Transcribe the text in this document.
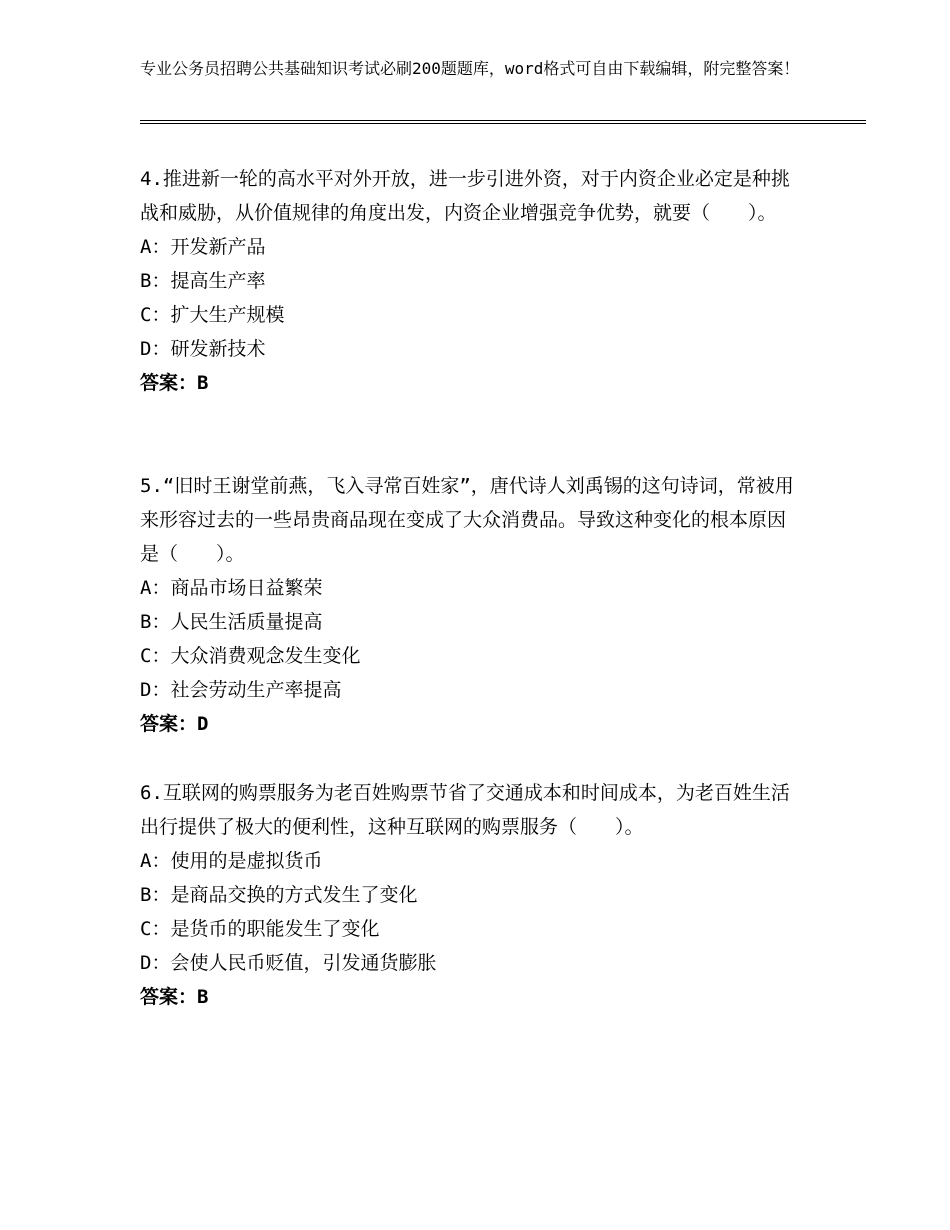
专业公务员招聘公共基础知识考试必刷200题题库，word格式可自由下载编辑，附完整答案！

4.推进新一轮的高水平对外开放，进一步引进外资，对于内资企业必定是种挑战和威胁，从价值规律的角度出发，内资企业增强竞争优势，就要（　　）。

A：开发新产品

B：提高生产率

C：扩大生产规模

D：研发新技术

答案：B

5.“旧时王谢堂前燕，飞入寻常百姓家”，唐代诗人刘禹锡的这句诗词，常被用来形容过去的一些昂贵商品现在变成了大众消费品。导致这种变化的根本原因是（　　）。

A：商品市场日益繁荣

B：人民生活质量提高

C：大众消费观念发生变化

D：社会劳动生产率提高

答案：D

6.互联网的购票服务为老百姓购票节省了交通成本和时间成本，为老百姓生活出行提供了极大的便利性，这种互联网的购票服务（　　）。

A：使用的是虚拟货币

B：是商品交换的方式发生了变化

C：是货币的职能发生了变化

D：会使人民币贬值，引发通货膨胀

答案：B
